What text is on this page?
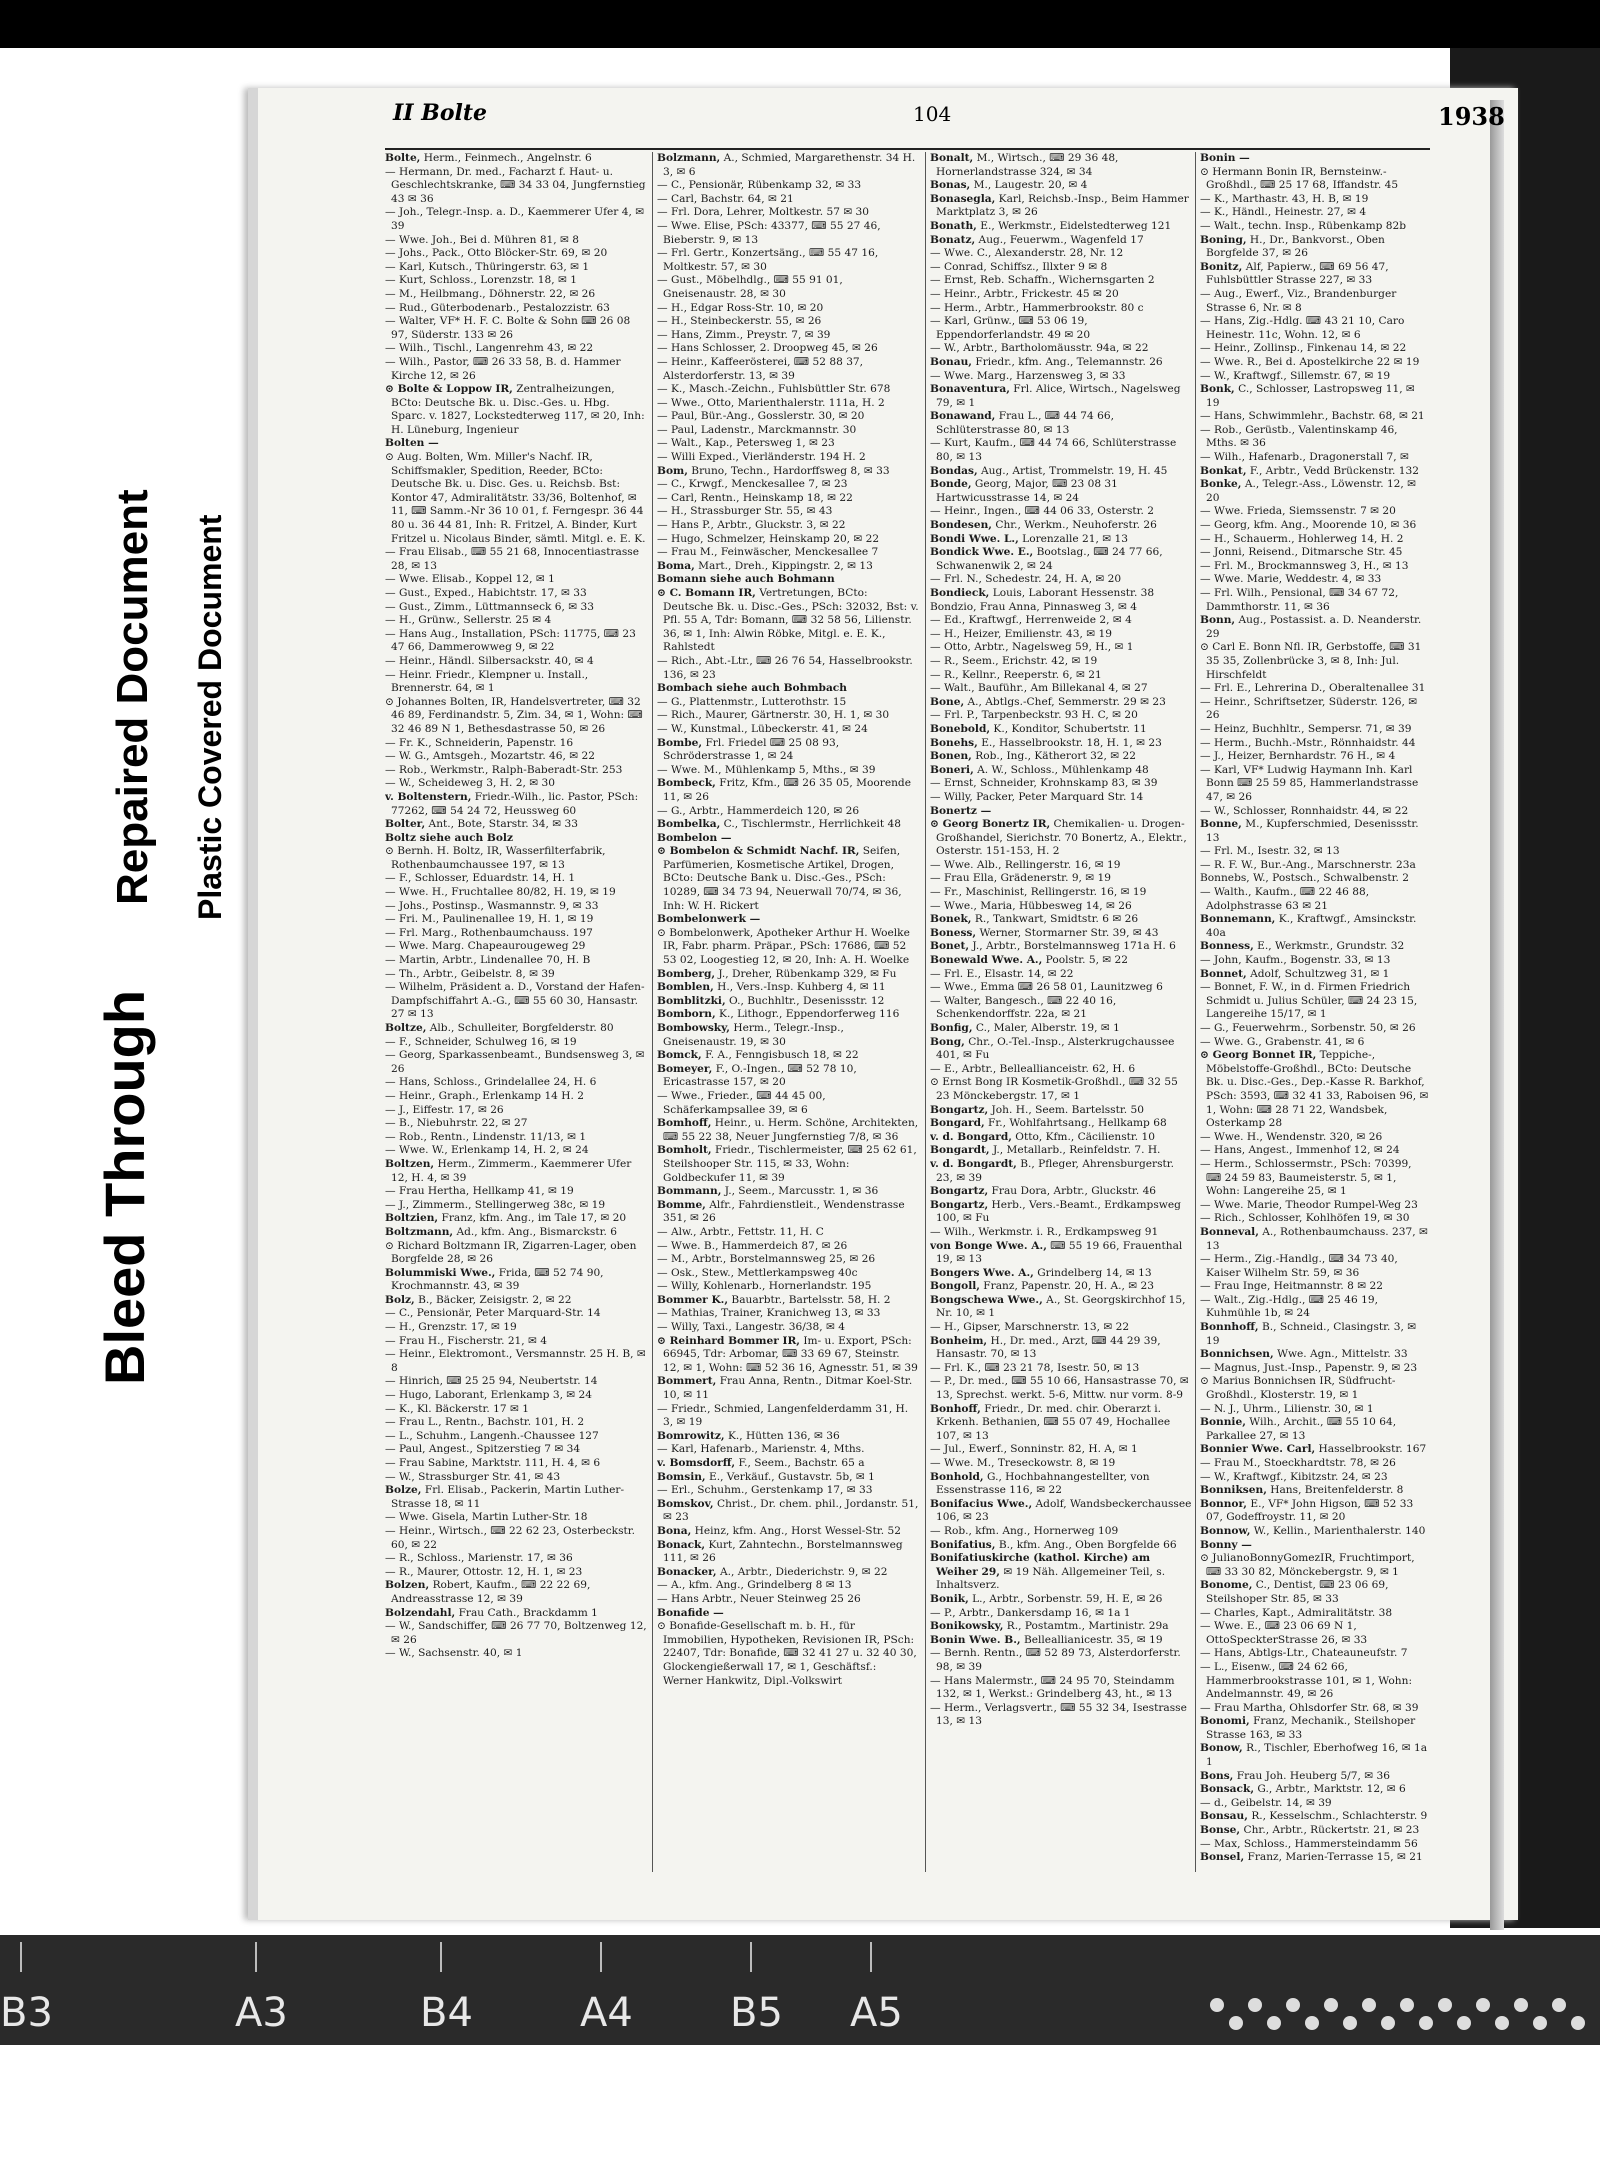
Bleed Through
Repaired Document Plastic Covered Document
II Bolte	104	1938

Bolte, Herm., Feinmech., Angelnstr. 6

— Hermann, Dr. med., Facharzt f. Haut- u. Geschlechtskranke, ⌨ 34 33 04, Jungfernstieg 43 ✉ 36

— Joh., Telegr.-Insp. a. D., Kaemmerer Ufer 4, ✉ 39

— Wwe. Joh., Bei d. Mühren 81, ✉ 8

— Johs., Pack., Otto Blöcker-Str. 69, ✉ 20

— Karl, Kutsch., Thüringerstr. 63, ✉ 1

— Kurt, Schloss., Lorenzstr. 18, ✉ 1

— M., Heilbmang., Döhnerstr. 22, ✉ 26

— Rud., Güterbodenarb., Pestalozzistr. 63

— Walter, VF* H. F. C. Bolte & Sohn ⌨ 26 08 97, Süderstr. 133 ✉ 26

— Wilh., Tischl., Langenrehm 43, ✉ 22

— Wilh., Pastor, ⌨ 26 33 58, B. d. Hammer Kirche 12, ✉ 26

⊙ Bolte & Loppow IR, Zentralheizungen, BCto: Deutsche Bk. u. Disc.-Ges. u. Hbg. Sparc. v. 1827, Lockstedterweg 117, ✉ 20, Inh: H. Lüneburg, Ingenieur

Bolten —

⊙ Aug. Bolten, Wm. Miller's Nachf. IR, Schiffsmakler, Spedition, Reeder, BCto: Deutsche Bk. u. Disc. Ges. u. Reichsb. Bst: Kontor 47, Admiralitätstr. 33/36, Boltenhof, ✉ 11, ⌨ Samm.-Nr 36 10 01, f. Ferngespr. 36 44 80 u. 36 44 81, Inh: R. Fritzel, A. Binder, Kurt Fritzel u. Nicolaus Binder, sämtl. Mitgl. e. E. K.

— Frau Elisab., ⌨ 55 21 68, Innocentiastrasse 28, ✉ 13

— Wwe. Elisab., Koppel 12, ✉ 1

— Gust., Exped., Habichtstr. 17, ✉ 33

— Gust., Zimm., Lüttmannseck 6, ✉ 33

— H., Grünw., Sellerstr. 25 ✉ 4

— Hans Aug., Installation, PSch: 11775, ⌨ 23 47 66, Dammerowweg 9, ✉ 22

— Heinr., Händl. Silbersackstr. 40, ✉ 4

— Heinr. Friedr., Klempner u. Install., Brennerstr. 64, ✉ 1

⊙ Johannes Bolten, IR, Handelsvertreter, ⌨ 32 46 89, Ferdinandstr. 5, Zim. 34, ✉ 1, Wohn: ⌨ 32 46 89 N 1, Bethesdastrasse 50, ✉ 26

— Fr. K., Schneiderin, Papenstr. 16

— W. G., Amtsgeh., Mozartstr. 46, ✉ 22

— Rob., Werkmstr., Ralph-Baberadt-Str. 253

— W., Scheideweg 3, H. 2, ✉ 30

v. Boltenstern, Friedr.-Wilh., lic. Pastor, PSch: 77262, ⌨ 54 24 72, Heussweg 60

Bolter, Ant., Bote, Starstr. 34, ✉ 33

Boltz siehe auch Bolz

⊙ Bernh. H. Boltz, IR, Wasserfilterfabrik, Rothenbaumchaussee 197, ✉ 13

— F., Schlosser, Eduardstr. 14, H. 1

— Wwe. H., Fruchtallee 80/82, H. 19, ✉ 19

— Johs., Postinsp., Wasmannstr. 9, ✉ 33

— Fri. M., Paulinenallee 19, H. 1, ✉ 19

— Frl. Marg., Rothenbaumchauss. 197

— Wwe. Marg. Chapeaurougeweg 29

— Martin, Arbtr., Lindenallee 70, H. B

— Th., Arbtr., Geibelstr. 8, ✉ 39

— Wilhelm, Präsident a. D., Vorstand der Hafen-Dampfschiffahrt A.-G., ⌨ 55 60 30, Hansastr. 27 ✉ 13

Boltze, Alb., Schulleiter, Borgfelderstr. 80

— F., Schneider, Schulweg 16, ✉ 19

— Georg, Sparkassenbeamt., Bundsensweg 3, ✉ 26

— Hans, Schloss., Grindelallee 24, H. 6

— Heinr., Graph., Erlenkamp 14 H. 2

— J., Eiffestr. 17, ✉ 26

— B., Niebuhrstr. 22, ✉ 27

— Rob., Rentn., Lindenstr. 11/13, ✉ 1

— Wwe. W., Erlenkamp 14, H. 2, ✉ 24

Boltzen, Herm., Zimmerm., Kaemmerer Ufer 12, H. 4, ✉ 39

— Frau Hertha, Hellkamp 41, ✉ 19

— J., Zimmerm., Stellingerweg 38c, ✉ 19

Boltzien, Franz, kfm. Ang., im Tale 17, ✉ 20

Boltzmann, Ad., kfm. Ang., Bismarckstr. 6

⊙ Richard Boltzmann IR, Zigarren-Lager, oben Borgfelde 28, ✉ 26

Bolummiski Wwe., Frida, ⌨ 52 74 90, Krochmannstr. 43, ✉ 39

Bolz, B., Bäcker, Zeisigstr. 2, ✉ 22

— C., Pensionär, Peter Marquard-Str. 14

— H., Grenzstr. 17, ✉ 19

— Frau H., Fischerstr. 21, ✉ 4

— Heinr., Elektromont., Versmannstr. 25 H. B, ✉ 8

— Hinrich, ⌨ 25 25 94, Neubertstr. 14

— Hugo, Laborant, Erlenkamp 3, ✉ 24

— K., Kl. Bäckerstr. 17 ✉ 1

— Frau L., Rentn., Bachstr. 101, H. 2

— L., Schuhm., Langenh.-Chaussee 127

— Paul, Angest., Spitzerstieg 7 ✉ 34

— Frau Sabine, Marktstr. 111, H. 4, ✉ 6

— W., Strassburger Str. 41, ✉ 43

Bolze, Frl. Elisab., Packerin, Martin Luther-Strasse 18, ✉ 11

— Wwe. Gisela, Martin Luther-Str. 18

— Heinr., Wirtsch., ⌨ 22 62 23, Osterbeckstr. 60, ✉ 22

— R., Schloss., Marienstr. 17, ✉ 36

— R., Maurer, Ottostr. 12, H. 1, ✉ 23

Bolzen, Robert, Kaufm., ⌨ 22 22 69, Andreasstrasse 12, ✉ 39

Bolzendahl, Frau Cath., Brackdamm 1

— W., Sandschiffer, ⌨ 26 77 70, Boltzenweg 12, ✉ 26

— W., Sachsenstr. 40, ✉ 1

Bolzmann, A., Schmied, Margarethenstr. 34 H. 3, ✉ 6

— C., Pensionär, Rübenkamp 32, ✉ 33

— Carl, Bachstr. 64, ✉ 21

— Frl. Dora, Lehrer, Moltkestr. 57 ✉ 30

— Wwe. Elise, PSch: 43377, ⌨ 55 27 46, Bieberstr. 9, ✉ 13

— Frl. Gertr., Konzertsäng., ⌨ 55 47 16, Moltkestr. 57, ✉ 30

— Gust., Möbelhdlg., ⌨ 55 91 01, Gneisenaustr. 28, ✉ 30

— H., Edgar Ross-Str. 10, ✉ 20

— H., Steinbeckerstr. 55, ✉ 26

— Hans, Zimm., Preystr. 7, ✉ 39

— Hans Schlosser, 2. Droopweg 45, ✉ 26

— Heinr., Kaffeerösterei, ⌨ 52 88 37, Alsterdorferstr. 13, ✉ 39

— K., Masch.-Zeichn., Fuhlsbüttler Str. 678

— Wwe., Otto, Marienthalerstr. 111a, H. 2

— Paul, Bür.-Ang., Gosslerstr. 30, ✉ 20

— Paul, Ladenstr., Marckmannstr. 30

— Walt., Kap., Petersweg 1, ✉ 23

— Willi Exped., Vierländerstr. 194 H. 2

Bom, Bruno, Techn., Hardorffsweg 8, ✉ 33

— C., Krwgf., Menckesallee 7, ✉ 23

— Carl, Rentn., Heinskamp 18, ✉ 22

— H., Strassburger Str. 55, ✉ 43

— Hans P., Arbtr., Gluckstr. 3, ✉ 22

— Hugo, Schmelzer, Heinskamp 20, ✉ 22

— Frau M., Feinwäscher, Menckesallee 7

Boma, Mart., Dreh., Kippingstr. 2, ✉ 13

Bomann siehe auch Bohmann

⊙ C. Bomann IR, Vertretungen, BCto: Deutsche Bk. u. Disc.-Ges., PSch: 32032, Bst: v. Pfl. 55 A, Tdr: Bomann, ⌨ 32 58 56, Lilienstr. 36, ✉ 1, Inh: Alwin Röbke, Mitgl. e. E. K., Rahlstedt

— Rich., Abt.-Ltr., ⌨ 26 76 54, Hasselbrookstr. 136, ✉ 23

Bombach siehe auch Bohmbach

— G., Plattenmstr., Lutterothstr. 15

— Rich., Maurer, Gärtnerstr. 30, H. 1, ✉ 30

— W., Kunstmal., Lübeckerstr. 41, ✉ 24

Bombe, Frl. Friedel ⌨ 25 08 93, Schröderstrasse 1, ✉ 24

— Wwe. M., Mühlenkamp 5, Mths., ✉ 39

Bombeck, Fritz, Kfm., ⌨ 26 35 05, Moorende 11, ✉ 26

— G., Arbtr., Hammerdeich 120, ✉ 26

Bombelka, C., Tischlermstr., Herrlichkeit 48

Bombelon —

⊙ Bombelon & Schmidt Nachf. IR, Seifen, Parfümerien, Kosmetische Artikel, Drogen, BCto: Deutsche Bank u. Disc.-Ges., PSch: 10289, ⌨ 34 73 94, Neuerwall 70/74, ✉ 36, Inh: W. H. Rickert

Bombelonwerk —

⊙ Bombelonwerk, Apotheker Arthur H. Woelke IR, Fabr. pharm. Präpar., PSch: 17686, ⌨ 52 53 02, Loogestieg 12, ✉ 20, Inh: A. H. Woelke

Bomberg, J., Dreher, Rübenkamp 329, ✉ Fu

Bomblen, H., Vers.-Insp. Kuhberg 4, ✉ 11

Bomblitzki, O., Buchhltr., Desenissstr. 12

Bomborn, K., Lithogr., Eppendorferweg 116

Bombowsky, Herm., Telegr.-Insp., Gneisenaustr. 19, ✉ 30

Bomck, F. A., Fenngisbusch 18, ✉ 22

Bomeyer, F., O.-Ingen., ⌨ 52 78 10, Ericastrasse 157, ✉ 20

— Wwe., Frieder., ⌨ 44 45 00, Schäferkampsallee 39, ✉ 6

Bomhoff, Heinr., u. Herm. Schöne, Architekten, ⌨ 55 22 38, Neuer Jungfernstieg 7/8, ✉ 36

Bomholt, Friedr., Tischlermeister, ⌨ 25 62 61, Steilshooper Str. 115, ✉ 33, Wohn: Goldbeckufer 11, ✉ 39

Bommann, J., Seem., Marcusstr. 1, ✉ 36

Bomme, Alfr., Fahrdienstleit., Wendenstrasse 351, ✉ 26

— Alw., Arbtr., Fettstr. 11, H. C

— Wwe. B., Hammerdeich 87, ✉ 26

— M., Arbtr., Borstelmannsweg 25, ✉ 26

— Osk., Stew., Mettlerkampsweg 40c

— Willy, Kohlenarb., Hornerlandstr. 195

Bommer K., Bauarbtr., Bartelsstr. 58, H. 2

— Mathias, Trainer, Kranichweg 13, ✉ 33

— Willy, Taxi., Langestr. 36/38, ✉ 4

⊙ Reinhard Bommer IR, Im- u. Export, PSch: 66945, Tdr: Arbomar, ⌨ 33 69 67, Steinstr. 12, ✉ 1, Wohn: ⌨ 52 36 16, Agnesstr. 51, ✉ 39

Bommert, Frau Anna, Rentn., Ditmar Koel-Str. 10, ✉ 11

— Friedr., Schmied, Langenfelderdamm 31, H. 3, ✉ 19

Bomrowitz, K., Hütten 136, ✉ 36

— Karl, Hafenarb., Marienstr. 4, Mths.

v. Bomsdorff, F., Seem., Bachstr. 65 a

Bomsin, E., Verkäuf., Gustavstr. 5b, ✉ 1

— Erl., Schuhm., Gerstenkamp 17, ✉ 33

Bomskov, Christ., Dr. chem. phil., Jordanstr. 51, ✉ 23

Bona, Heinz, kfm. Ang., Horst Wessel-Str. 52

Bonack, Kurt, Zahntechn., Borstelmannsweg 111, ✉ 26

Bonacker, A., Arbtr., Diederichstr. 9, ✉ 22

— A., kfm. Ang., Grindelberg 8 ✉ 13

— Hans Arbtr., Neuer Steinweg 25 26

Bonafide —

⊙ Bonafide-Gesellschaft m. b. H., für Immobilien, Hypotheken, Revisionen IR, PSch: 22407, Tdr: Bonafide, ⌨ 32 41 27 u. 32 40 30, Glockengießerwall 17, ✉ 1, Geschäftsf.: Werner Hankwitz, Dipl.-Volkswirt

Bonalt, M., Wirtsch., ⌨ 29 36 48, Hornerlandstrasse 324, ✉ 34

Bonas, M., Laugestr. 20, ✉ 4

Bonasegla, Karl, Reichsb.-Insp., Beim Hammer Marktplatz 3, ✉ 26

Bonath, E., Werkmstr., Eidelstedterweg 121

Bonatz, Aug., Feuerwm., Wagenfeld 17

— Wwe. C., Alexanderstr. 28, Nr. 12

— Conrad, Schiffsz., Illxter 9 ✉ 8

— Ernst, Reb. Schaffn., Wichernsgarten 2

— Heinr., Arbtr., Frickestr. 45 ✉ 20

— Herm., Arbtr., Hammerbrookstr. 80 c

— Karl, Grünw., ⌨ 53 06 19, Eppendorferlandstr. 49 ✉ 20

— W., Arbtr., Bartholomäusstr. 94a, ✉ 22

Bonau, Friedr., kfm. Ang., Telemannstr. 26

— Wwe. Marg., Harzensweg 3, ✉ 33

Bonaventura, Frl. Alice, Wirtsch., Nagelsweg 79, ✉ 1

Bonawand, Frau L., ⌨ 44 74 66, Schlüterstrasse 80, ✉ 13

— Kurt, Kaufm., ⌨ 44 74 66, Schlüterstrasse 80, ✉ 13

Bondas, Aug., Artist, Trommelstr. 19, H. 45

Bonde, Georg, Major, ⌨ 23 08 31 Hartwicusstrasse 14, ✉ 24

— Heinr., Ingen., ⌨ 44 06 33, Osterstr. 2

Bondesen, Chr., Werkm., Neuhoferstr. 26

Bondi Wwe. L., Lorenzalle 21, ✉ 13

Bondick Wwe. E., Bootslag., ⌨ 24 77 66, Schwanenwik 2, ✉ 24

— Frl. N., Schedestr. 24, H. A, ✉ 20

Bondieck, Louis, Laborant Hessenstr. 38

Bondzio, Frau Anna, Pinnasweg 3, ✉ 4

— Ed., Kraftwgf., Herrenweide 2, ✉ 4

— H., Heizer, Emilienstr. 43, ✉ 19

— Otto, Arbtr., Nagelsweg 59, H., ✉ 1

— R., Seem., Erichstr. 42, ✉ 19

— R., Kellnr., Reeperstr. 6, ✉ 21

— Walt., Bauführ., Am Billekanal 4, ✉ 27

Bone, A., Abtlgs.-Chef, Semmerstr. 29 ✉ 23

— Frl. P., Tarpenbeckstr. 93 H. C, ✉ 20

Bonebold, K., Konditor, Schubertstr. 11

Bonehs, E., Hasselbrookstr. 18, H. 1, ✉ 23

Bonen, Rob., Ing., Kätherort 32, ✉ 22

Boneri, A. W., Schloss., Mühlenkamp 48

— Ernst, Schneider, Krohnskamp 83, ✉ 39

— Willy, Packer, Peter Marquard Str. 14

Bonertz —

⊙ Georg Bonertz IR, Chemikalien- u. Drogen-Großhandel, Sierichstr. 70 Bonertz, A., Elektr., Osterstr. 151-153, H. 2

— Wwe. Alb., Rellingerstr. 16, ✉ 19

— Frau Ella, Grädenerstr. 9, ✉ 19

— Fr., Maschinist, Rellingerstr. 16, ✉ 19

— Wwe., Maria, Hübbesweg 14, ✉ 26

Bonek, R., Tankwart, Smidtstr. 6 ✉ 26

Boness, Werner, Stormarner Str. 39, ✉ 43

Bonet, J., Arbtr., Borstelmannsweg 171a H. 6

Bonewald Wwe. A., Poolstr. 5, ✉ 22

— Frl. E., Elsastr. 14, ✉ 22

— Wwe., Emma ⌨ 26 58 01, Launitzweg 6

— Walter, Bangesch., ⌨ 22 40 16, Schenkendorffstr. 22a, ✉ 21

Bonfig, C., Maler, Alberstr. 19, ✉ 1

Bong, Chr., O.-Tel.-Insp., Alsterkrugchaussee 401, ✉ Fu

— E., Arbtr., Belleallianceistr. 62, H. 6

⊙ Ernst Bong IR Kosmetik-Großhdl., ⌨ 32 55 23 Mönckebergstr. 17, ✉ 1

Bongartz, Joh. H., Seem. Bartelsstr. 50

Bongard, Fr., Wohlfahrtsang., Hellkamp 68

v. d. Bongard, Otto, Kfm., Cäcilienstr. 10

Bongardt, J., Metallarb., Reinfeldstr. 7. H.

v. d. Bongardt, B., Pfleger, Ahrensburgerstr. 23, ✉ 39

Bongartz, Frau Dora, Arbtr., Gluckstr. 46

Bongartz, Herb., Vers.-Beamt., Erdkampsweg 100, ✉ Fu

— Wilh., Werkmstr. i. R., Erdkampsweg 91

von Bonge Wwe. A., ⌨ 55 19 66, Frauenthal 19, ✉ 13

Bongers Wwe. A., Grindelberg 14, ✉ 13

Bongoll, Franz, Papenstr. 20, H. A., ✉ 23

Bongschewa Wwe., A., St. Georgskirchhof 15, Nr. 10, ✉ 1

— H., Gipser, Marschnerstr. 13, ✉ 22

Bonheim, H., Dr. med., Arzt, ⌨ 44 29 39, Hansastr. 70, ✉ 13

— Frl. K., ⌨ 23 21 78, Isestr. 50, ✉ 13

— P., Dr. med., ⌨ 55 10 66, Hansastrasse 70, ✉ 13, Sprechst. werkt. 5-6, Mittw. nur vorm. 8-9

Bonhoff, Friedr., Dr. med. chir. Oberarzt i. Krkenh. Bethanien, ⌨ 55 07 49, Hochallee 107, ✉ 13

— Jul., Ewerf., Sonninstr. 82, H. A, ✉ 1

— Wwe. M., Treseckowstr. 8, ✉ 19

Bonhold, G., Hochbahnangestellter, von Essenstrasse 116, ✉ 22

Bonifacius Wwe., Adolf, Wandsbeckerchaussee 106, ✉ 23

— Rob., kfm. Ang., Hornerweg 109

Bonifatius, B., kfm. Ang., Oben Borgfelde 66

Bonifatiuskirche (kathol. Kirche) am Weiher 29, ✉ 19 Näh. Allgemeiner Teil, s. Inhaltsverz.

Bonik, L., Arbtr., Sorbenstr. 59, H. E, ✉ 26

— P., Arbtr., Dankersdamp 16, ✉ 1a 1

Bonikowsky, R., Postamtm., Martinistr. 29a

Bonin Wwe. B., Belleallianicestr. 35, ✉ 19

— Bernh. Rentn., ⌨ 52 89 73, Alsterdorferstr. 98, ✉ 39

— Hans Malermstr., ⌨ 24 95 70, Steindamm 132, ✉ 1, Werkst.: Grindelberg 43, ht., ✉ 13

— Herm., Verlagsvertr., ⌨ 55 32 34, Isestrasse 13, ✉ 13

Bonin —

⊙ Hermann Bonin IR, Bernsteinw.-Großhdl., ⌨ 25 17 68, Iffandstr. 45

— K., Marthastr. 43, H. B, ✉ 19

— K., Händl., Heinestr. 27, ✉ 4

— Walt., techn. Insp., Rübenkamp 82b

Boning, H., Dr., Bankvorst., Oben Borgfelde 37, ✉ 26

Bonitz, Alf, Papierw., ⌨ 69 56 47, Fuhlsbüttler Strasse 227, ✉ 33

— Aug., Ewerf., Viz., Brandenburger Strasse 6, Nr. ✉ 8

— Hans, Zig.-Hdlg. ⌨ 43 21 10, Caro Heinestr. 11c, Wohn. 12, ✉ 6

— Heinr., Zollinsp., Finkenau 14, ✉ 22

— Wwe. R., Bei d. Apostelkirche 22 ✉ 19

— W., Kraftwgf., Sillemstr. 67, ✉ 19

Bonk, C., Schlosser, Lastropsweg 11, ✉ 19

— Hans, Schwimmlehr., Bachstr. 68, ✉ 21

— Rob., Gerüstb., Valentinskamp 46, Mths. ✉ 36

— Wilh., Hafenarb., Dragonerstall 7, ✉

Bonkat, F., Arbtr., Vedd Brückenstr. 132

Bonke, A., Telegr.-Ass., Löwenstr. 12, ✉ 20

— Wwe. Frieda, Siemssenstr. 7 ✉ 20

— Georg, kfm. Ang., Moorende 10, ✉ 36

— H., Schauerm., Hohlerweg 14, H. 2

— Jonni, Reisend., Ditmarsche Str. 45

— Frl. M., Brockmannsweg 3, H., ✉ 13

— Wwe. Marie, Weddestr. 4, ✉ 33

— Frl. Wilh., Pensional, ⌨ 34 67 72, Dammthorstr. 11, ✉ 36

Bonn, Aug., Postassist. a. D. Neanderstr. 29

⊙ Carl E. Bonn Nfl. IR, Gerbstoffe, ⌨ 31 35 35, Zollenbrücke 3, ✉ 8, Inh: Jul. Hirschfeldt

— Frl. E., Lehrerina D., Oberaltenallee 31

— Heinr., Schriftsetzer, Süderstr. 126, ✉ 26

— Heinz, Buchhltr., Sempersr. 71, ✉ 39

— Herm., Buchh.-Mstr., Rönnhaidstr. 44

— J., Heizer, Bernhardstr. 76 H., ✉ 4

— Karl, VF* Ludwig Haymann Inh. Karl Bonn ⌨ 25 59 85, Hammerlandstrasse 47, ✉ 26

— W., Schlosser, Ronnhaidstr. 44, ✉ 22

Bonne, M., Kupferschmied, Desenissstr. 13

— Frl. M., Isestr. 32, ✉ 13

— R. F. W., Bur.-Ang., Marschnerstr. 23a

Bonnebs, W., Postsch., Schwalbenstr. 2

— Walth., Kaufm., ⌨ 22 46 88, Adolphstrasse 63 ✉ 21

Bonnemann, K., Kraftwgf., Amsinckstr. 40a

Bonness, E., Werkmstr., Grundstr. 32

— John, Kaufm., Bogenstr. 33, ✉ 13

Bonnet, Adolf, Schultzweg 31, ✉ 1

— Bonnet, F. W., in d. Firmen Friedrich Schmidt u. Julius Schüler, ⌨ 24 23 15, Langereihe 15/17, ✉ 1

— G., Feuerwehrm., Sorbenstr. 50, ✉ 26

— Wwe. G., Grabenstr. 41, ✉ 6

⊙ Georg Bonnet IR, Teppiche-, Möbelstoffe-Großhdl., BCto: Deutsche Bk. u. Disc.-Ges., Dep.-Kasse R. Barkhof, PSch: 3593, ⌨ 32 41 33, Raboisen 96, ✉ 1, Wohn: ⌨ 28 71 22, Wandsbek, Osterkamp 28

— Wwe. H., Wendenstr. 320, ✉ 26

— Hans, Angest., Immenhof 12, ✉ 24

— Herm., Schlossermstr., PSch: 70399, ⌨ 24 59 83, Baumeisterstr. 5, ✉ 1, Wohn: Langereihe 25, ✉ 1

— Wwe. Marie, Theodor Rumpel-Weg 23

— Rich., Schlosser, Kohlhöfen 19, ✉ 30

Bonneval, A., Rothenbaumchauss. 237, ✉ 13

— Herm., Zig.-Handlg., ⌨ 34 73 40, Kaiser Wilhelm Str. 59, ✉ 36

— Frau Inge, Heitmannstr. 8 ✉ 22

— Walt., Zig.-Hdlg., ⌨ 25 46 19, Kuhmühle 1b, ✉ 24

Bonnhoff, B., Schneid., Clasingstr. 3, ✉ 19

Bonnichsen, Wwe. Agn., Mittelstr. 33

— Magnus, Just.-Insp., Papenstr. 9, ✉ 23

⊙ Marius Bonnichsen IR, Südfrucht-Großhdl., Klosterstr. 19, ✉ 1

— N. J., Uhrm., Lilienstr. 30, ✉ 1

Bonnie, Wilh., Archit., ⌨ 55 10 64, Parkallee 27, ✉ 13

Bonnier Wwe. Carl, Hasselbrookstr. 167

— Frau M., Stoeckhardtstr. 78, ✉ 26

— W., Kraftwgf., Kibitzstr. 24, ✉ 23

Bonniksen, Hans, Breitenfelderstr. 8

Bonnor, E., VF* John Higson, ⌨ 52 33 07, Godeffroystr. 11, ✉ 20

Bonnow, W., Kellin., Marienthalerstr. 140

Bonny —

⊙ JulianoBonnyGomezIR, Fruchtimport, ⌨ 33 30 82, Mönckebergstr. 9, ✉ 1

Bonome, C., Dentist, ⌨ 23 06 69, Steilshoper Str. 85, ✉ 33

— Charles, Kapt., Admiralitätstr. 38

— Wwe. E., ⌨ 23 06 69 N 1, OttoSpeckterStrasse 26, ✉ 33

— Hans, Abtlgs-Ltr., Chateauneufstr. 7

— L., Eisenw., ⌨ 24 62 66, Hammerbrookstrasse 101, ✉ 1, Wohn: Andelmannstr. 49, ✉ 26

— Frau Martha, Ohlsdorfer Str. 68, ✉ 39

Bonomi, Franz, Mechanik., Steilshoper Strasse 163, ✉ 33

Bonow, R., Tischler, Eberhofweg 16, ✉ 1a 1

Bons, Frau Joh. Heuberg 5/7, ✉ 36

Bonsack, G., Arbtr., Marktstr. 12, ✉ 6

— d., Geibelstr. 14, ✉ 39

Bonsau, R., Kesselschm., Schlachterstr. 9

Bonse, Chr., Arbtr., Rückertstr. 21, ✉ 23

— Max, Schloss., Hammersteindamm 56

Bonsel, Franz, Marien-Terrasse 15, ✉ 21

B3	A3	B4	A4 B5 A5
